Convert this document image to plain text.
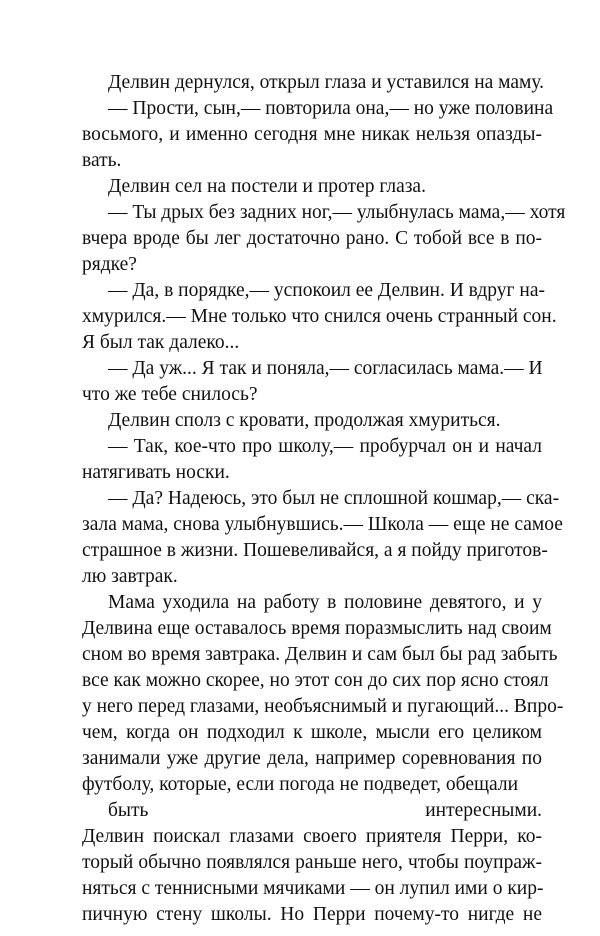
Делвин дернулся, открыл глаза и уставился на маму.
— Прости, сын,— повторила она,— но уже половина
восьмого, и именно сегодня мне никак нельзя опазды-
вать.
Делвин сел на постели и протер глаза.
— Ты дрых без задних ног,— улыбнулась мама,— хотя
вчера вроде бы лег достаточно рано. С тобой все в по-
рядке?
— Да, в порядке,— успокоил ее Делвин. И вдруг на-
хмурился.— Мне только что снился очень странный сон.
Я был так далеко...
— Да уж... Я так и поняла,— согласилась мама.— И
что же тебе снилось?
Делвин сполз с кровати, продолжая хмуриться.
— Так, кое-что про школу,— пробурчал он и начал
натягивать носки.
— Да? Надеюсь, это был не сплошной кошмар,— ска-
зала мама, снова улыбнувшись.— Школа — еще не самое
страшное в жизни. Пошевеливайся, а я пойду приготов-
лю завтрак.
Мама уходила на работу в половине девятого, и у
Делвина еще оставалось время поразмыслить над своим
сном во время завтрака. Делвин и сам был бы рад забыть
все как можно скорее, но этот сон до сих пор ясно стоял
у него перед глазами, необъяснимый и пугающий... Впро-
чем, когда он подходил к школе, мысли его целиком
занимали уже другие дела, например соревнования по
футболу, которые, если погода не подведет, обещали
быть интересными.
Делвин поискал глазами своего приятеля Перри, ко-
торый обычно появлялся раньше него, чтобы поупраж-
няться с теннисными мячиками — он лупил ими о кир-
пичную стену школы. Но Перри почему-то нигде не
